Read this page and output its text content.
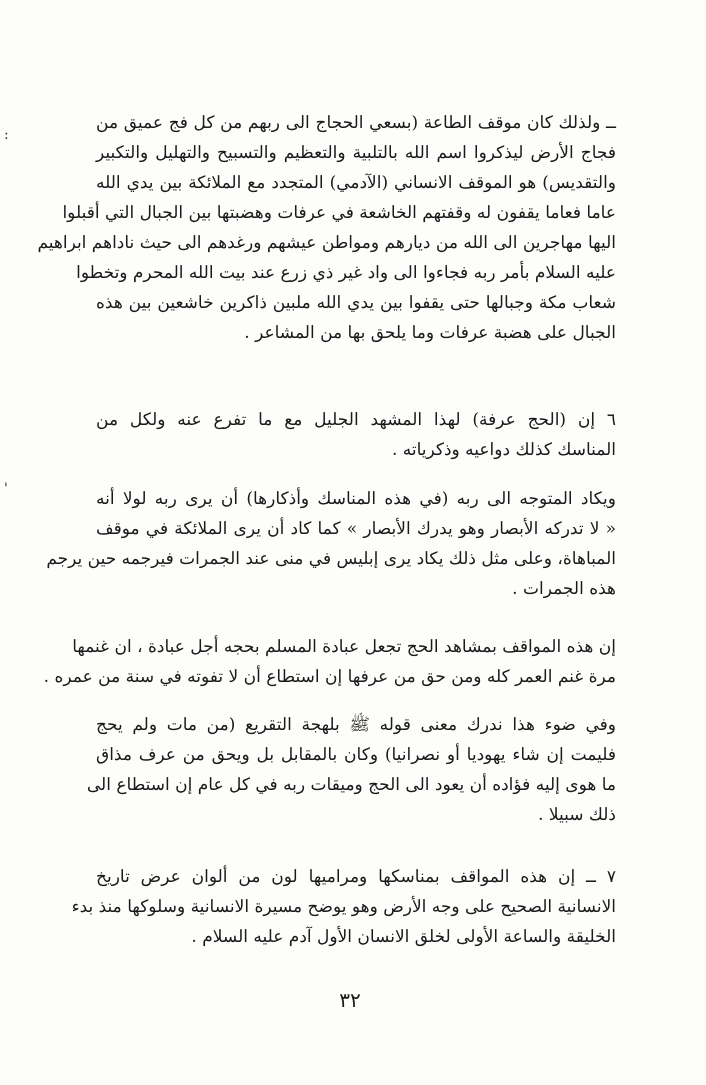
:
'
ــ ولذلك كان موقف الطاعة (بسعي الحجاج الى ربهم من كل فج عميق من
فجاج الأرض ليذكروا اسم الله بالتلبية والتعظيم والتسبيح والتهليل والتكبير
والتقديس) هو الموقف الانساني (الآدمي) المتجدد مع الملائكة بين يدي الله
عاما فعاما يقفون له وقفتهم الخاشعة في عرفات وهضبتها بين الجبال التي أقبلوا
اليها مهاجرين الى الله من ديارهم ومواطن عيشهم ورغدهم الى حيث ناداهم ابراهيم
عليه السلام بأمر ربه فجاءوا الى واد غير ذي زرع عند بيت الله المحرم وتخطوا
شعاب مكة وجبالها حتى يقفوا بين يدي الله ملبين ذاكرين خاشعين بين هذه
الجبال على هضبة عرفات وما يلحق بها من المشاعر .
٦ إن (الحج عرفة) لهذا المشهد الجليل مع ما تفرع عنه ولكل من
المناسك كذلك دواعيه وذكرياته .
ويكاد المتوجه الى ربه (في هذه المناسك وأذكارها) أن يرى ربه لولا أنه
« لا تدركه الأبصار وهو يدرك الأبصار » كما كاد أن يرى الملائكة في موقف
المباهاة، وعلى مثل ذلك يكاد يرى إبليس في منى عند الجمرات فيرجمه حين يرجم
هذه الجمرات .
إن هذه المواقف بمشاهد الحج تجعل عبادة المسلم بحجه أجل عبادة ، ان غنمها
مرة غنم العمر كله ومن حق من عرفها إن استطاع أن لا تفوته في سنة من عمره .
وفي ضوء هذا ندرك معنى قوله ﷺ بلهجة التقريع (من مات ولم يحج
فليمت إن شاء يهوديا أو نصرانيا) وكان بالمقابل بل ويحق من عرف مذاق
ما هوى إليه فؤاده أن يعود الى الحج وميقات ربه في كل عام إن استطاع الى
ذلك سبيلا .
٧ ــ إن هذه المواقف بمناسكها ومراميها لون من ألوان عرض تاريخ
الانسانية الصحيح على وجه الأرض وهو يوضح مسيرة الانسانية وسلوكها منذ بدء
الخليقة والساعة الأولى لخلق الانسان الأول آدم عليه السلام .
٣٢
